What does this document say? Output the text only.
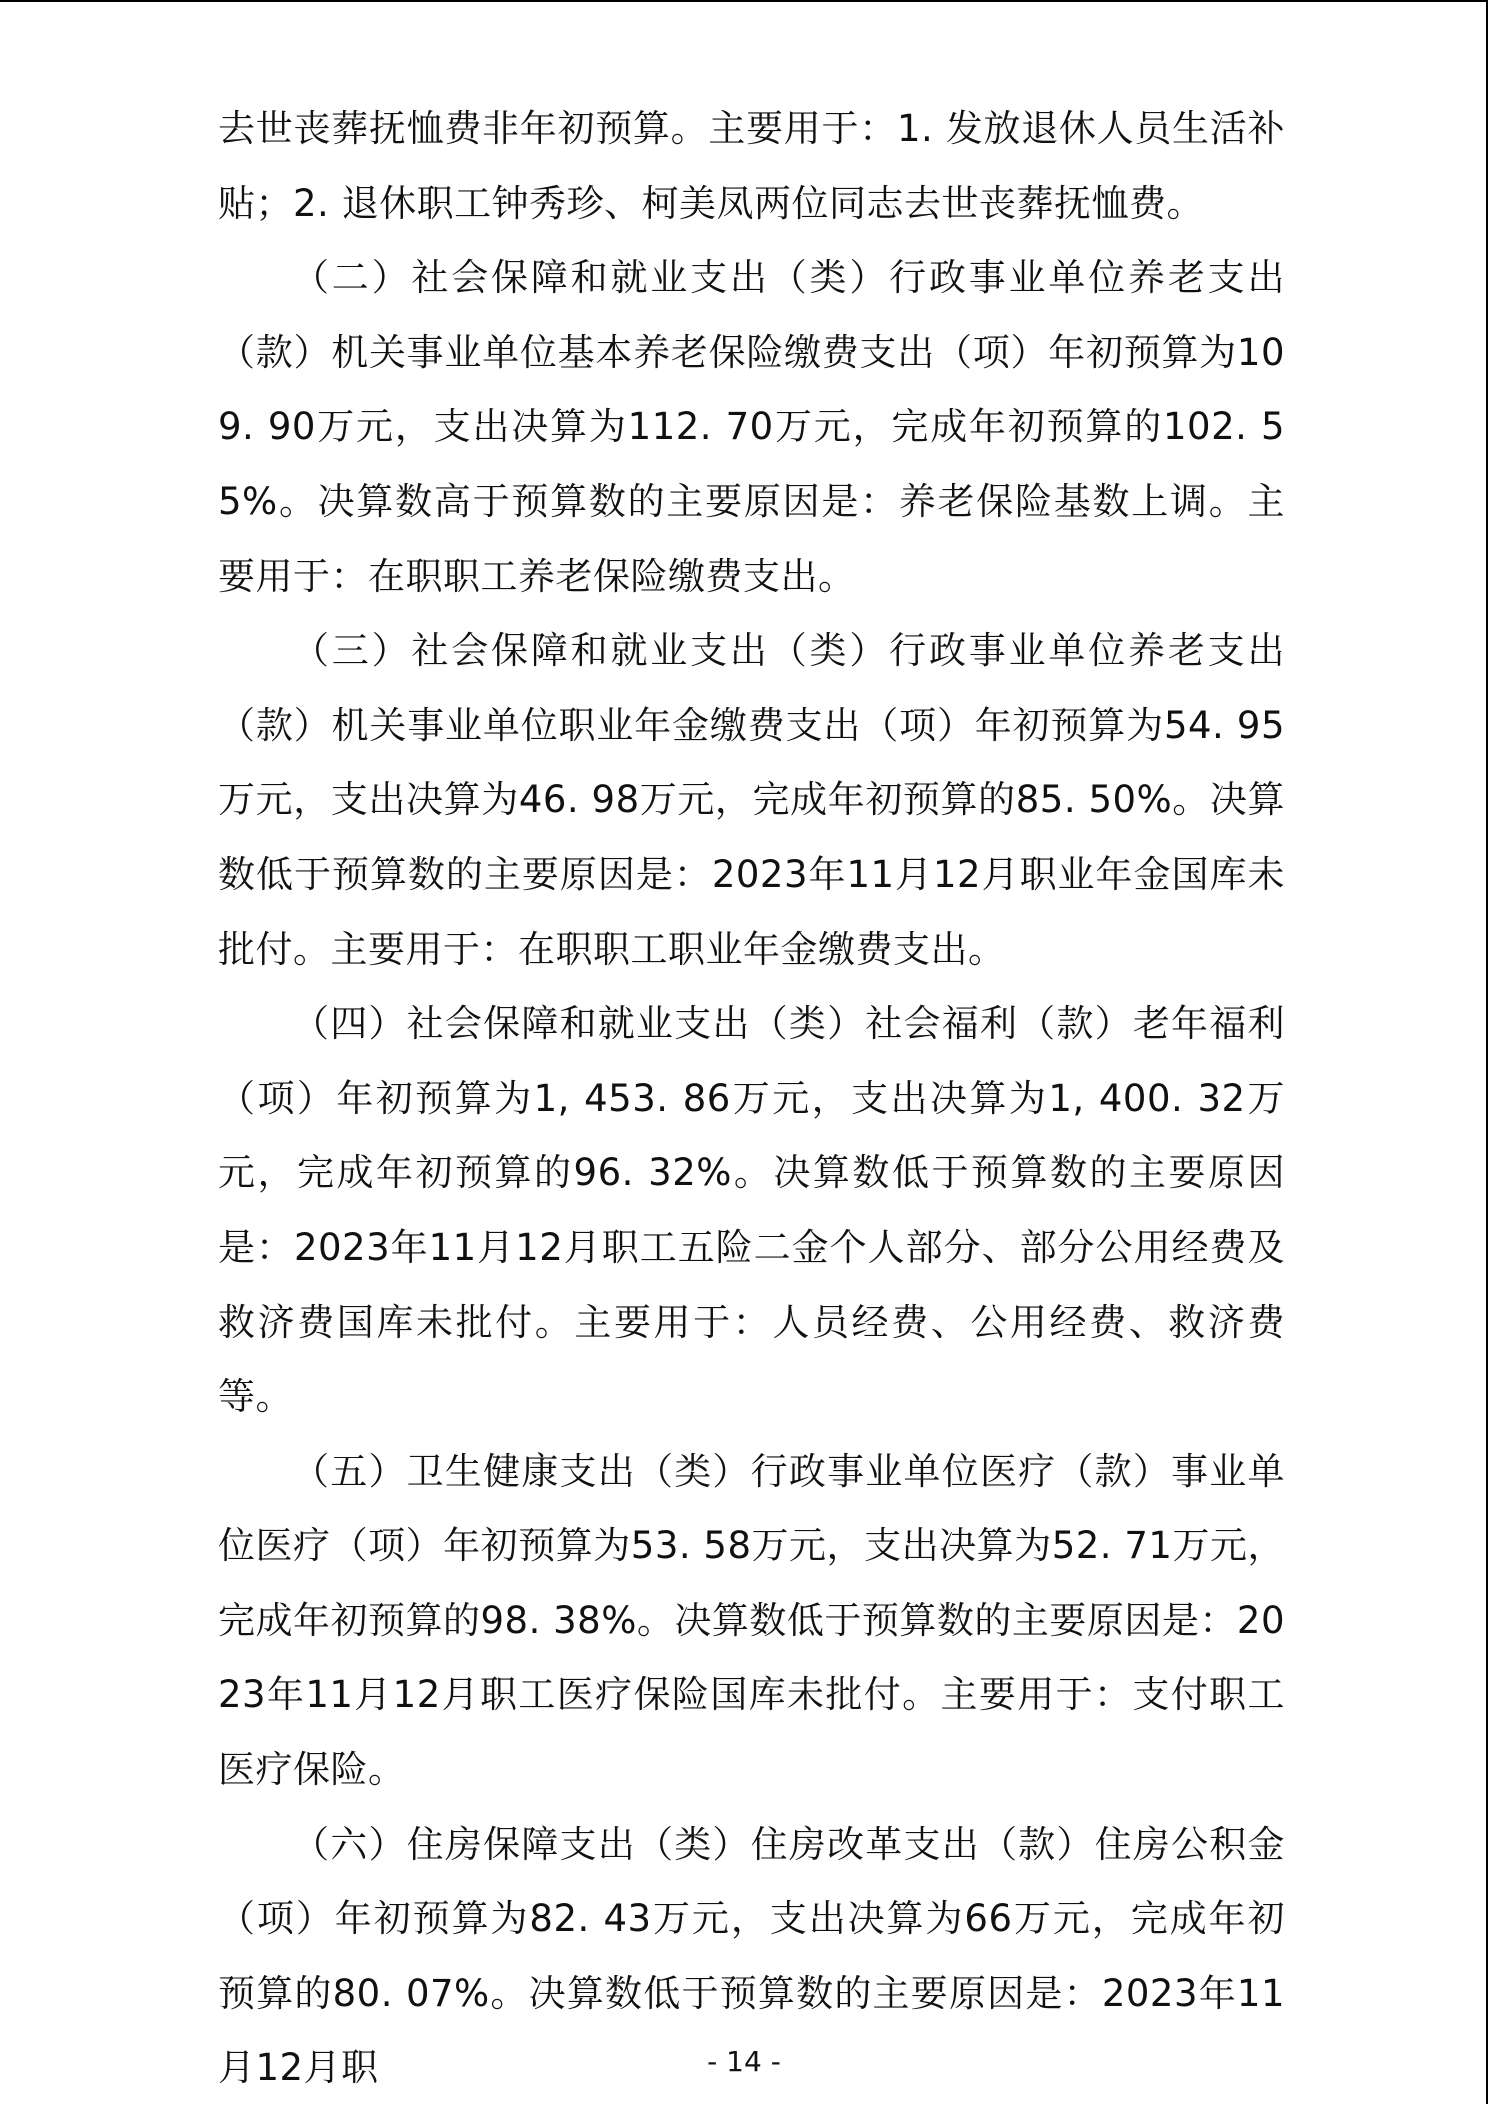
去世丧葬抚恤费非年初预算。主要用于：1. 发放退休人员生活补贴；2. 退休职工钟秀珍、柯美凤两位同志去世丧葬抚恤费。

（二）社会保障和就业支出（类）行政事业单位养老支出（款）机关事业单位基本养老保险缴费支出（项）年初预算为109. 90万元，支出决算为112. 70万元，完成年初预算的102. 55%。决算数高于预算数的主要原因是：养老保险基数上调。主要用于：在职职工养老保险缴费支出。

（三）社会保障和就业支出（类）行政事业单位养老支出（款）机关事业单位职业年金缴费支出（项）年初预算为54. 95万元，支出决算为46. 98万元，完成年初预算的85. 50%。决算数低于预算数的主要原因是：2023年11月12月职业年金国库未批付。主要用于：在职职工职业年金缴费支出。

（四）社会保障和就业支出（类）社会福利（款）老年福利（项）年初预算为1, 453. 86万元，支出决算为1, 400. 32万元，完成年初预算的96. 32%。决算数低于预算数的主要原因是：2023年11月12月职工五险二金个人部分、部分公用经费及救济费国库未批付。主要用于：人员经费、公用经费、救济费等。

（五）卫生健康支出（类）行政事业单位医疗（款）事业单位医疗（项）年初预算为53. 58万元，支出决算为52. 71万元，完成年初预算的98. 38%。决算数低于预算数的主要原因是：2023年11月12月职工医疗保险国库未批付。主要用于：支付职工医疗保险。

（六）住房保障支出（类）住房改革支出（款）住房公积金（项）年初预算为82. 43万元，支出决算为66万元，完成年初预算的80. 07%。决算数低于预算数的主要原因是：2023年11月12月职	- 14 -
